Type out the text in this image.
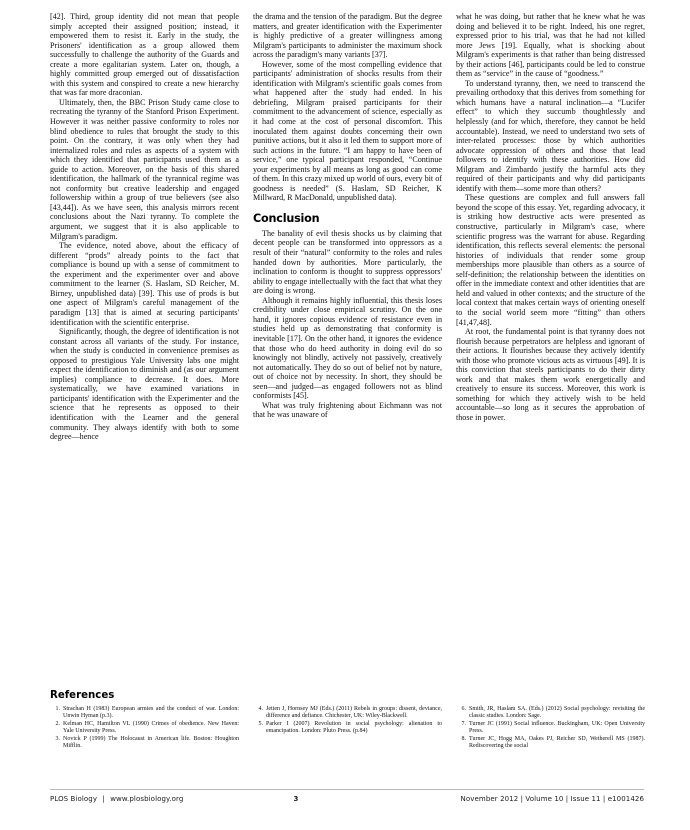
[42]. Third, group identity did not mean that people simply accepted their assigned position; instead, it empowered them to resist it. Early in the study, the Prisoners' identification as a group allowed them successfully to challenge the authority of the Guards and create a more egalitarian system. Later on, though, a highly committed group emerged out of dissatisfaction with this system and conspired to create a new hierarchy that was far more draconian.

Ultimately, then, the BBC Prison Study came close to recreating the tyranny of the Stanford Prison Experiment. However it was neither passive conformity to roles nor blind obedience to rules that brought the study to this point. On the contrary, it was only when they had internalized roles and rules as aspects of a system with which they identified that participants used them as a guide to action. Moreover, on the basis of this shared identification, the hallmark of the tyrannical regime was not conformity but creative leadership and engaged followership within a group of true believers (see also [43,44]). As we have seen, this analysis mirrors recent conclusions about the Nazi tyranny. To complete the argument, we suggest that it is also applicable to Milgram's paradigm.

The evidence, noted above, about the efficacy of different “prods” already points to the fact that compliance is bound up with a sense of commitment to the experiment and the experimenter over and above commitment to the learner (S. Haslam, SD Reicher, M. Birney, unpublished data) [39]. This use of prods is but one aspect of Milgram's careful management of the paradigm [13] that is aimed at securing participants' identification with the scientific enterprise.

Significantly, though, the degree of identification is not constant across all variants of the study. For instance, when the study is conducted in convenience premises as opposed to prestigious Yale University labs one might expect the identification to diminish and (as our argument implies) compliance to decrease. It does. More systematically, we have examined variations in participants' identification with the Experimenter and the science that he represents as opposed to their identification with the Learner and the general community. They always identify with both to some degree—hence

the drama and the tension of the paradigm. But the degree matters, and greater identification with the Experimenter is highly predictive of a greater willingness among Milgram's participants to administer the maximum shock across the paradigm's many variants [37].

However, some of the most compelling evidence that participants' administration of shocks results from their identification with Milgram's scientific goals comes from what happened after the study had ended. In his debriefing, Milgram praised participants for their commitment to the advancement of science, especially as it had come at the cost of personal discomfort. This inoculated them against doubts concerning their own punitive actions, but it also it led them to support more of such actions in the future. “I am happy to have been of service,” one typical participant responded, “Continue your experiments by all means as long as good can come of them. In this crazy mixed up world of ours, every bit of goodness is needed” (S. Haslam, SD Reicher, K Millward, R MacDonald, unpublished data).

Conclusion

The banality of evil thesis shocks us by claiming that decent people can be transformed into oppressors as a result of their “natural” conformity to the roles and rules handed down by authorities. More particularly, the inclination to conform is thought to suppress oppressors' ability to engage intellectually with the fact that what they are doing is wrong.

Although it remains highly influential, this thesis loses credibility under close empirical scrutiny. On the one hand, it ignores copious evidence of resistance even in studies held up as demonstrating that conformity is inevitable [17]. On the other hand, it ignores the evidence that those who do heed authority in doing evil do so knowingly not blindly, actively not passively, creatively not automatically. They do so out of belief not by nature, out of choice not by necessity. In short, they should be seen—and judged—as engaged followers not as blind conformists [45].

What was truly frightening about Eichmann was not that he was unaware of

what he was doing, but rather that he knew what he was doing and believed it to be right. Indeed, his one regret, expressed prior to his trial, was that he had not killed more Jews [19]. Equally, what is shocking about Milgram's experiments is that rather than being distressed by their actions [46], participants could be led to construe them as “service” in the cause of “goodness.”

To understand tyranny, then, we need to transcend the prevailing orthodoxy that this derives from something for which humans have a natural inclination—a “Lucifer effect” to which they succumb thoughtlessly and helplessly (and for which, therefore, they cannot be held accountable). Instead, we need to understand two sets of inter-related processes: those by which authorities advocate oppression of others and those that lead followers to identify with these authorities. How did Milgram and Zimbardo justify the harmful acts they required of their participants and why did participants identify with them—some more than others?

These questions are complex and full answers fall beyond the scope of this essay. Yet, regarding advocacy, it is striking how destructive acts were presented as constructive, particularly in Milgram's case, where scientific progress was the warrant for abuse. Regarding identification, this reflects several elements: the personal histories of individuals that render some group memberships more plausible than others as a source of self-definition; the relationship between the identities on offer in the immediate context and other identities that are held and valued in other contexts; and the structure of the local context that makes certain ways of orienting oneself to the social world seem more “fitting” than others [41,47,48].

At root, the fundamental point is that tyranny does not flourish because perpetrators are helpless and ignorant of their actions. It flourishes because they actively identify with those who promote vicious acts as virtuous [49]. It is this conviction that steels participants to do their dirty work and that makes them work energetically and creatively to ensure its success. Moreover, this work is something for which they actively wish to be held accountable—so long as it secures the approbation of those in power.

References
1. Strachan H (1983) European armies and the conduct of war. London: Unwin Hyman (p.3).
2. Kelman HC, Hamilton VL (1990) Crimes of obedience. New Haven: Yale University Press.
3. Novick P (1999) The Holocaust in American life. Boston: Houghton Mifflin.
4. Jetten J, Hornsey MJ (Eds.) (2011) Rebels in groups: dissent, deviance, difference and defiance. Chichester, UK: Wiley-Blackwell.
5. Parker I (2007) Revolution in social psychology: alienation to emancipation. London: Pluto Press. (p.84)
6. Smith, JR, Haslam SA. (Eds.) (2012) Social psychology: revisiting the classic studies. London: Sage.
7. Turner JC (1991) Social influence. Buckingham, UK: Open University Press.
8. Turner JC, Hogg MA, Oakes PJ, Reicher SD, Wetherell MS (1987). Rediscovering the social
PLOS Biology | www.plosbiology.org	3	November 2012 | Volume 10 | Issue 11 | e1001426
